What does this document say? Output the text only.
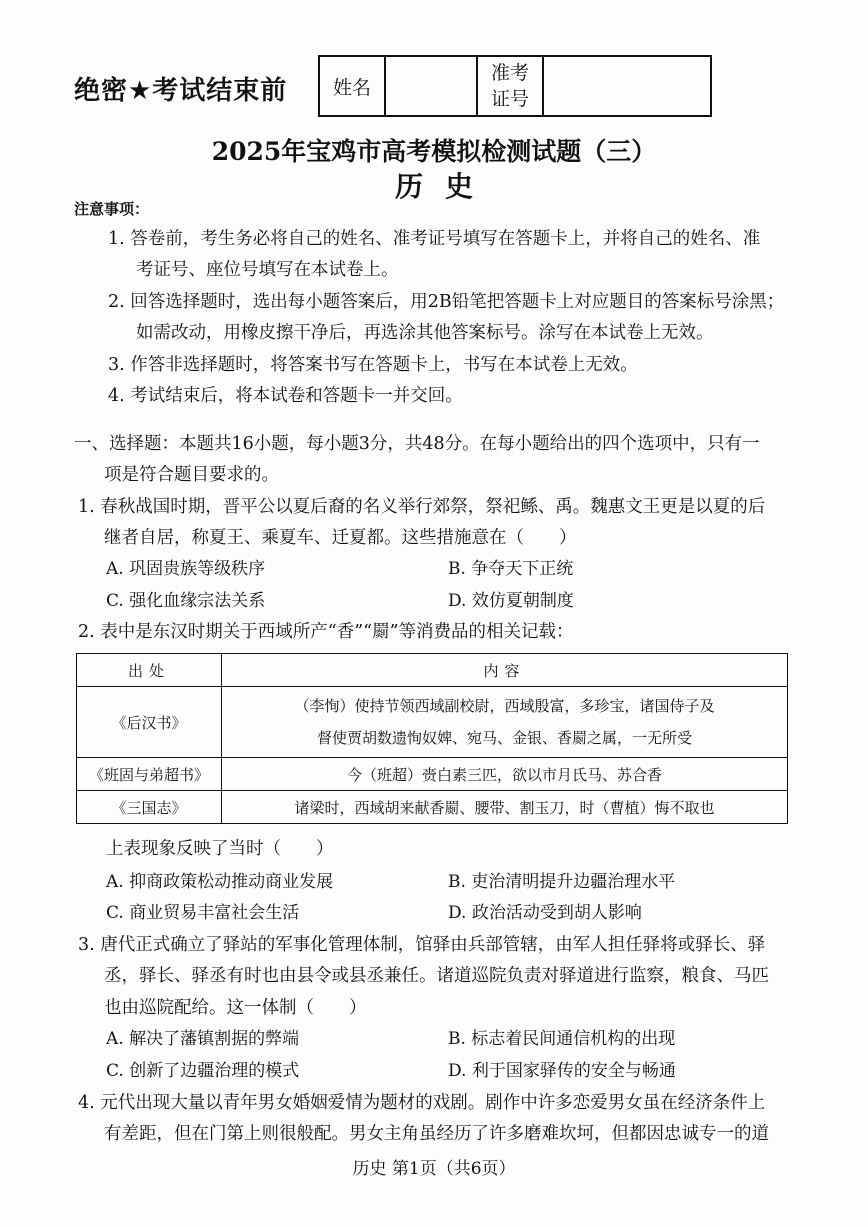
绝密★考试结束前	姓名
准考
证号
2025年宝鸡市高考模拟检测试题（三）
历史
注意事项：
1. 答卷前，考生务必将自己的姓名、准考证号填写在答题卡上，并将自己的姓名、准
考证号、座位号填写在本试卷上。
2. 回答选择题时，选出每小题答案后，用2B铅笔把答题卡上对应题目的答案标号涂黑；
如需改动，用橡皮擦干净后，再选涂其他答案标号。涂写在本试卷上无效。
3. 作答非选择题时，将答案书写在答题卡上，书写在本试卷上无效。
4. 考试结束后，将本试卷和答题卡一并交回。
一、选择题：本题共16小题，每小题3分，共48分。在每小题给出的四个选项中，只有一
项是符合题目要求的。
1. 春秋战国时期，晋平公以夏后裔的名义举行郊祭，祭祀鲧、禹。魏惠文王更是以夏的后
继者自居，称夏王、乘夏车、迁夏都。这些措施意在（　　）
A. 巩固贵族等级秩序	B. 争夺天下正统
C. 强化血缘宗法关系	D. 效仿夏朝制度
2. 表中是东汉时期关于西域所产“香”“罽”等消费品的相关记载：
出处	内容
《后汉书》	（李恂）使持节领西域副校尉，西域殷富，多珍宝，诸国侍子及
督使贾胡数遗恂奴婢、宛马、金银、香罽之属，一无所受

《班固与弟超书》	今（班超）赍白素三匹，欲以市月氏马、苏合香
《三国志》	诸梁时，西域胡来献香罽、腰带、割玉刀，时（曹植）悔不取也
上表现象反映了当时（　　）
A. 抑商政策松动推动商业发展	B. 吏治清明提升边疆治理水平
C. 商业贸易丰富社会生活	D. 政治活动受到胡人影响
3. 唐代正式确立了驿站的军事化管理体制，馆驿由兵部管辖，由军人担任驿将或驿长、驿
丞，驿长、驿丞有时也由县令或县丞兼任。诸道巡院负责对驿道进行监察，粮食、马匹
也由巡院配给。这一体制（　　）
A. 解决了藩镇割据的弊端	B. 标志着民间通信机构的出现
C. 创新了边疆治理的模式	D. 利于国家驿传的安全与畅通
4. 元代出现大量以青年男女婚姻爱情为题材的戏剧。剧作中许多恋爱男女虽在经济条件上
有差距，但在门第上则很般配。男女主角虽经历了许多磨难坎坷，但都因忠诚专一的道
历史 第1页（共6页）
